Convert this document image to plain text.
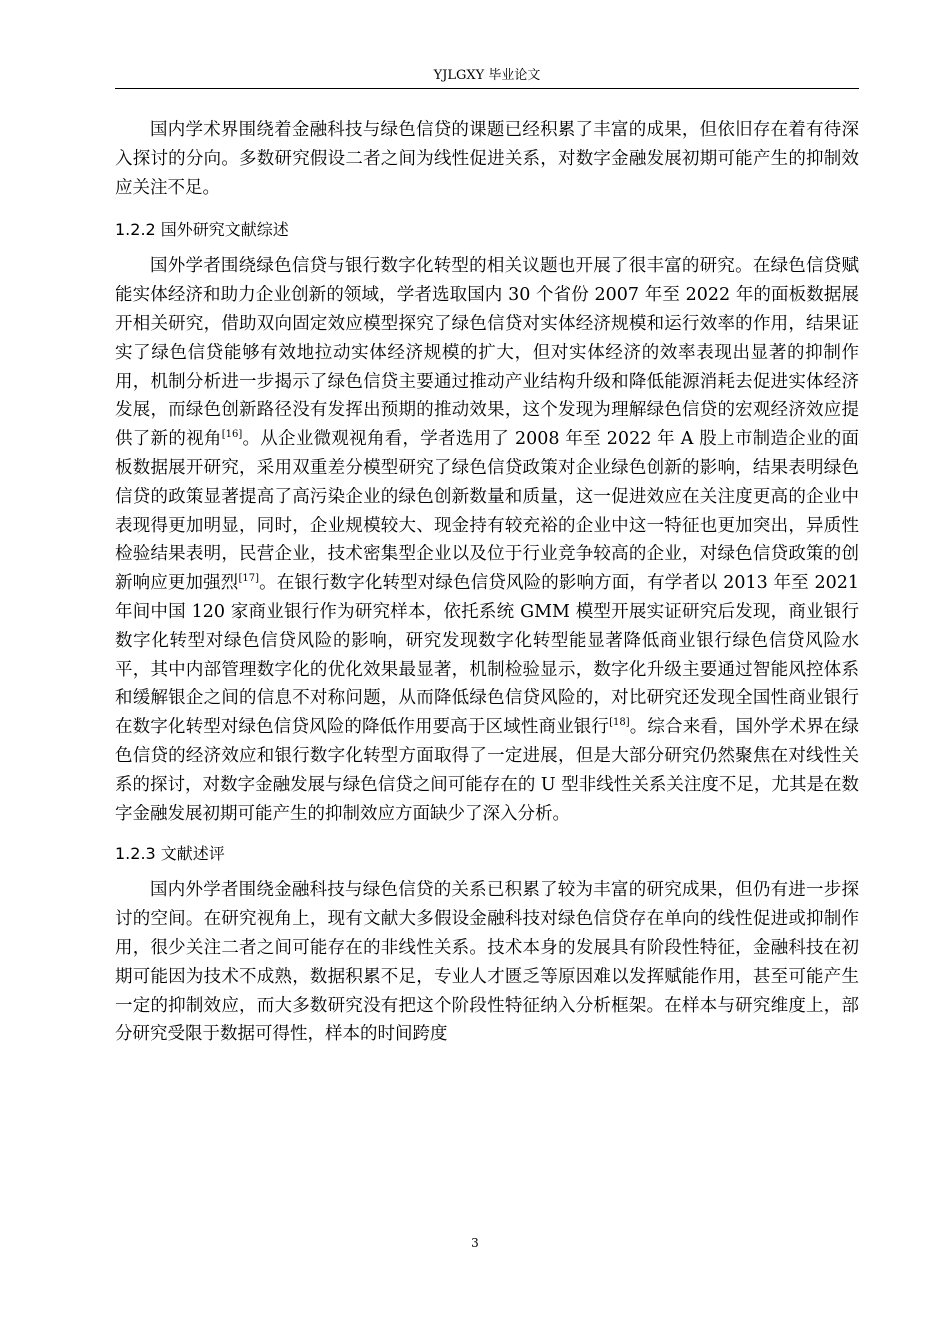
YJLGXY 毕业论文

国内学术界围绕着金融科技与绿色信贷的课题已经积累了丰富的成果，但依旧存在着有待深入探讨的分向。多数研究假设二者之间为线性促进关系，对数字金融发展初期可能产生的抑制效应关注不足。

1.2.2 国外研究文献综述

国外学者围绕绿色信贷与银行数字化转型的相关议题也开展了很丰富的研究。在绿色信贷赋能实体经济和助力企业创新的领域，学者选取国内 30 个省份 2007 年至 2022 年的面板数据展开相关研究，借助双向固定效应模型探究了绿色信贷对实体经济规模和运行效率的作用，结果证实了绿色信贷能够有效地拉动实体经济规模的扩大，但对实体经济的效率表现出显著的抑制作用，机制分析进一步揭示了绿色信贷主要通过推动产业结构升级和降低能源消耗去促进实体经济发展，而绿色创新路径没有发挥出预期的推动效果，这个发现为理解绿色信贷的宏观经济效应提供了新的视角[16]。从企业微观视角看，学者选用了 2008 年至 2022 年 A 股上市制造企业的面板数据展开研究，采用双重差分模型研究了绿色信贷政策对企业绿色创新的影响，结果表明绿色信贷的政策显著提高了高污染企业的绿色创新数量和质量，这一促进效应在关注度更高的企业中表现得更加明显，同时，企业规模较大、现金持有较充裕的企业中这一特征也更加突出，异质性检验结果表明，民营企业，技术密集型企业以及位于行业竞争较高的企业，对绿色信贷政策的创新响应更加强烈[17]。在银行数字化转型对绿色信贷风险的影响方面，有学者以 2013 年至 2021 年间中国 120 家商业银行作为研究样本，依托系统 GMM 模型开展实证研究后发现，商业银行数字化转型对绿色信贷风险的影响，研究发现数字化转型能显著降低商业银行绿色信贷风险水平，其中内部管理数字化的优化效果最显著，机制检验显示，数字化升级主要通过智能风控体系和缓解银企之间的信息不对称问题，从而降低绿色信贷风险的，对比研究还发现全国性商业银行在数字化转型对绿色信贷风险的降低作用要高于区域性商业银行[18]。综合来看，国外学术界在绿色信贷的经济效应和银行数字化转型方面取得了一定进展，但是大部分研究仍然聚焦在对线性关系的探讨，对数字金融发展与绿色信贷之间可能存在的 U 型非线性关系关注度不足，尤其是在数字金融发展初期可能产生的抑制效应方面缺少了深入分析。

1.2.3 文献述评

国内外学者围绕金融科技与绿色信贷的关系已积累了较为丰富的研究成果，但仍有进一步探讨的空间。在研究视角上，现有文献大多假设金融科技对绿色信贷存在单向的线性促进或抑制作用，很少关注二者之间可能存在的非线性关系。技术本身的发展具有阶段性特征，金融科技在初期可能因为技术不成熟，数据积累不足，专业人才匮乏等原因难以发挥赋能作用，甚至可能产生一定的抑制效应，而大多数研究没有把这个阶段性特征纳入分析框架。在样本与研究维度上，部分研究受限于数据可得性，样本的时间跨度

3
